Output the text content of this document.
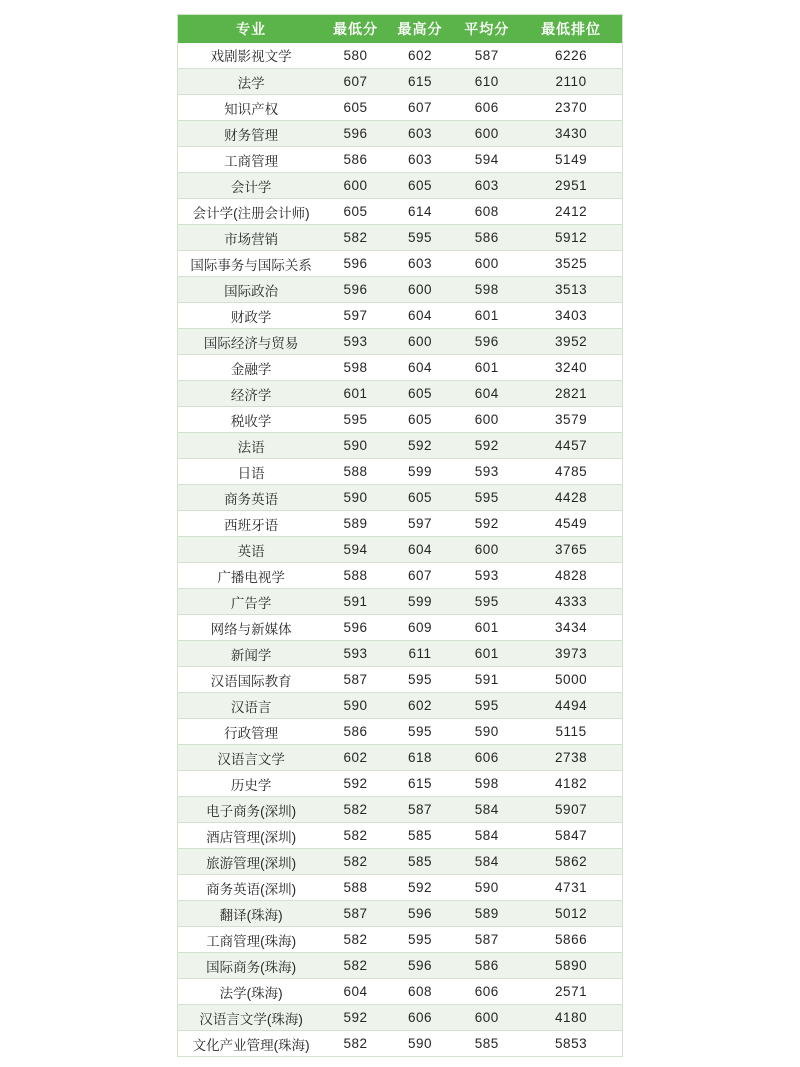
专业	最低分	最高分	平均分	最低排位
戏剧影视文学	580	602	587	6226
法学	607	615	610	2110
知识产权	605	607	606	2370
财务管理	596	603	600	3430
工商管理	586	603	594	5149
会计学	600	605	603	2951
会计学(注册会计师)	605	614	608	2412
市场营销	582	595	586	5912
国际事务与国际关系	596	603	600	3525
国际政治	596	600	598	3513
财政学	597	604	601	3403
国际经济与贸易	593	600	596	3952
金融学	598	604	601	3240
经济学	601	605	604	2821
税收学	595	605	600	3579
法语	590	592	592	4457
日语	588	599	593	4785
商务英语	590	605	595	4428
西班牙语	589	597	592	4549
英语	594	604	600	3765
广播电视学	588	607	593	4828
广告学	591	599	595	4333
网络与新媒体	596	609	601	3434
新闻学	593	611	601	3973
汉语国际教育	587	595	591	5000
汉语言	590	602	595	4494
行政管理	586	595	590	5115
汉语言文学	602	618	606	2738
历史学	592	615	598	4182
电子商务(深圳)	582	587	584	5907
酒店管理(深圳)	582	585	584	5847
旅游管理(深圳)	582	585	584	5862
商务英语(深圳)	588	592	590	4731
翻译(珠海)	587	596	589	5012
工商管理(珠海)	582	595	587	5866
国际商务(珠海)	582	596	586	5890
法学(珠海)	604	608	606	2571
汉语言文学(珠海)	592	606	600	4180
文化产业管理(珠海)	582	590	585	5853
